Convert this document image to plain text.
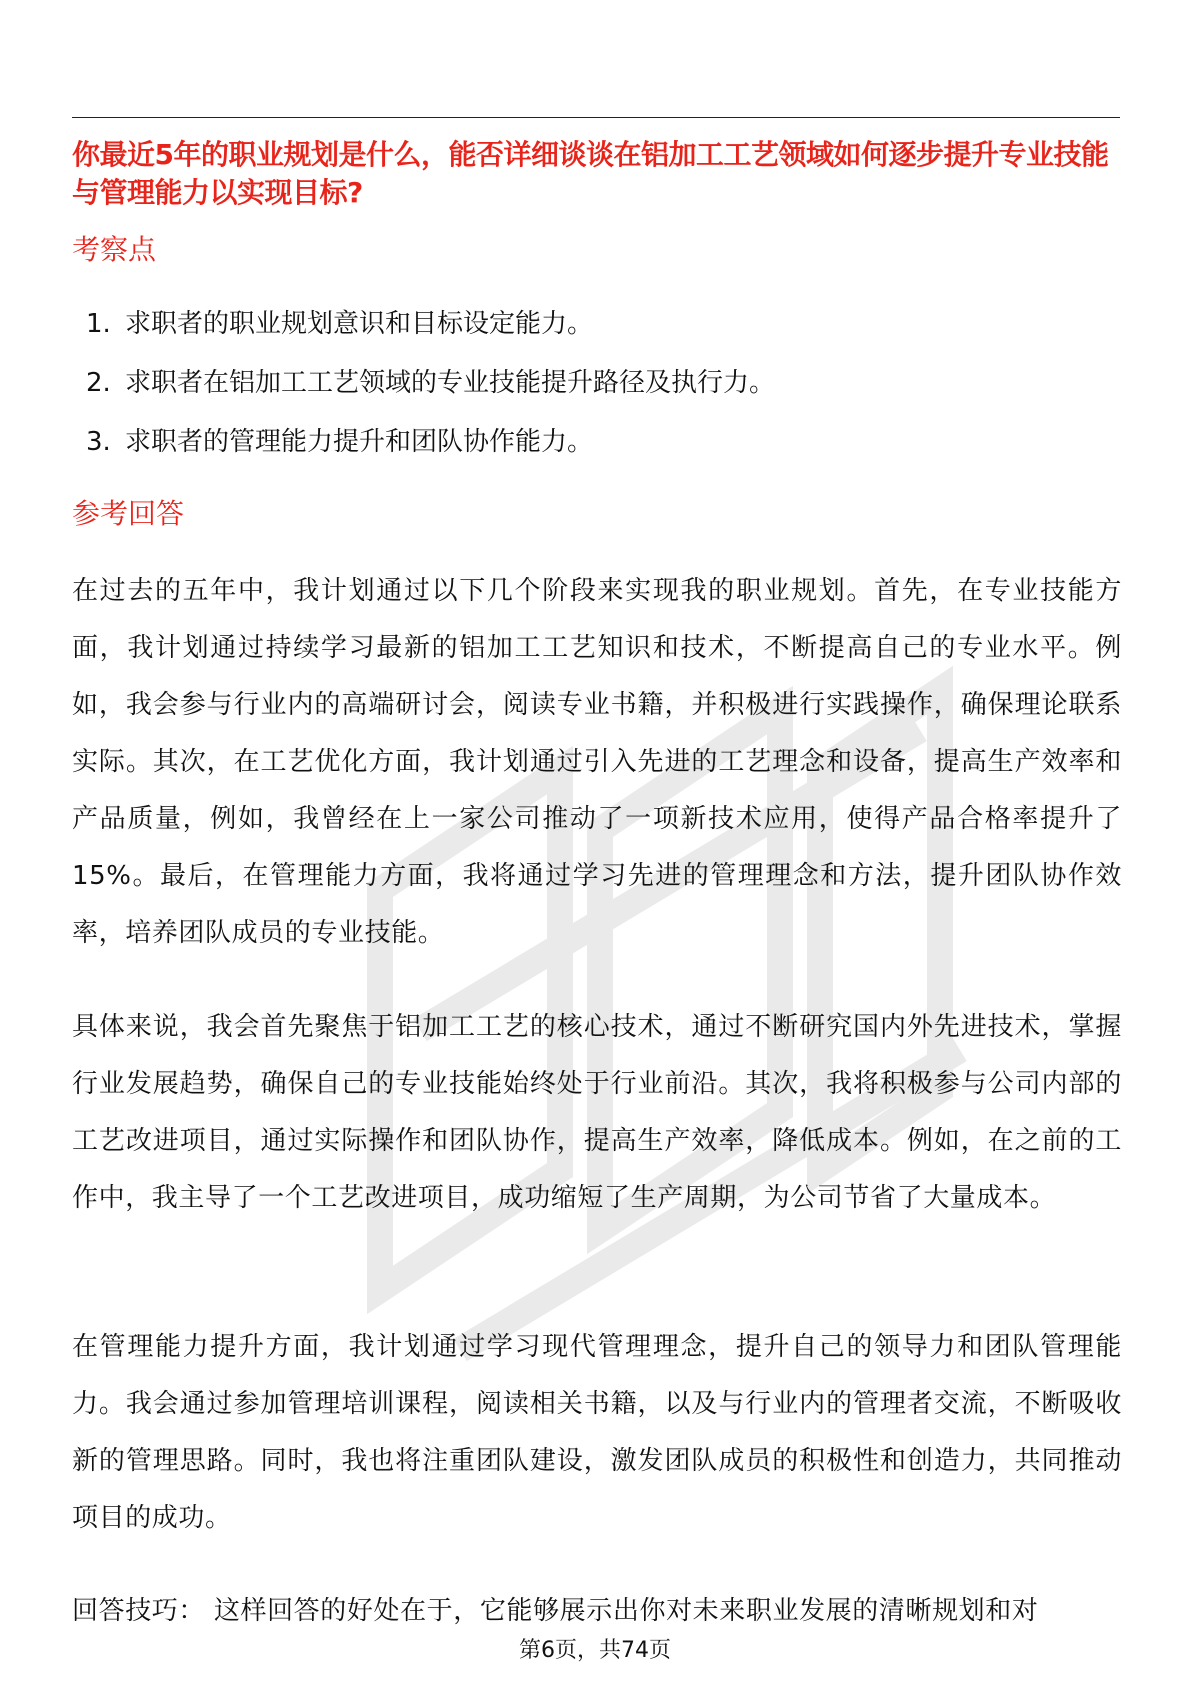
你最近5年的职业规划是什么，能否详细谈谈在铝加工工艺领域如何逐步提升专业技能与管理能力以实现目标?
考察点
1. 求职者的职业规划意识和目标设定能力。
2. 求职者在铝加工工艺领域的专业技能提升路径及执行力。
3. 求职者的管理能力提升和团队协作能力。
参考回答

在过去的五年中，我计划通过以下几个阶段来实现我的职业规划。首先，在专业技能方面，我计划通过持续学习最新的铝加工工艺知识和技术，不断提高自己的专业水平。例如，我会参与行业内的高端研讨会，阅读专业书籍，并积极进行实践操作，确保理论联系实际。其次，在工艺优化方面，我计划通过引入先进的工艺理念和设备，提高生产效率和产品质量，例如，我曾经在上一家公司推动了一项新技术应用，使得产品合格率提升了15%。最后，在管理能力方面，我将通过学习先进的管理理念和方法，提升团队协作效率，培养团队成员的专业技能。

具体来说，我会首先聚焦于铝加工工艺的核心技术，通过不断研究国内外先进技术，掌握行业发展趋势，确保自己的专业技能始终处于行业前沿。其次，我将积极参与公司内部的工艺改进项目，通过实际操作和团队协作，提高生产效率，降低成本。例如，在之前的工作中，我主导了一个工艺改进项目，成功缩短了生产周期，为公司节省了大量成本。

在管理能力提升方面，我计划通过学习现代管理理念，提升自己的领导力和团队管理能力。我会通过参加管理培训课程，阅读相关书籍，以及与行业内的管理者交流，不断吸收新的管理思路。同时，我也将注重团队建设，激发团队成员的积极性和创造力，共同推动项目的成功。

回答技巧： 这样回答的好处在于，它能够展示出你对未来职业发展的清晰规划和对

第6页，共74页
